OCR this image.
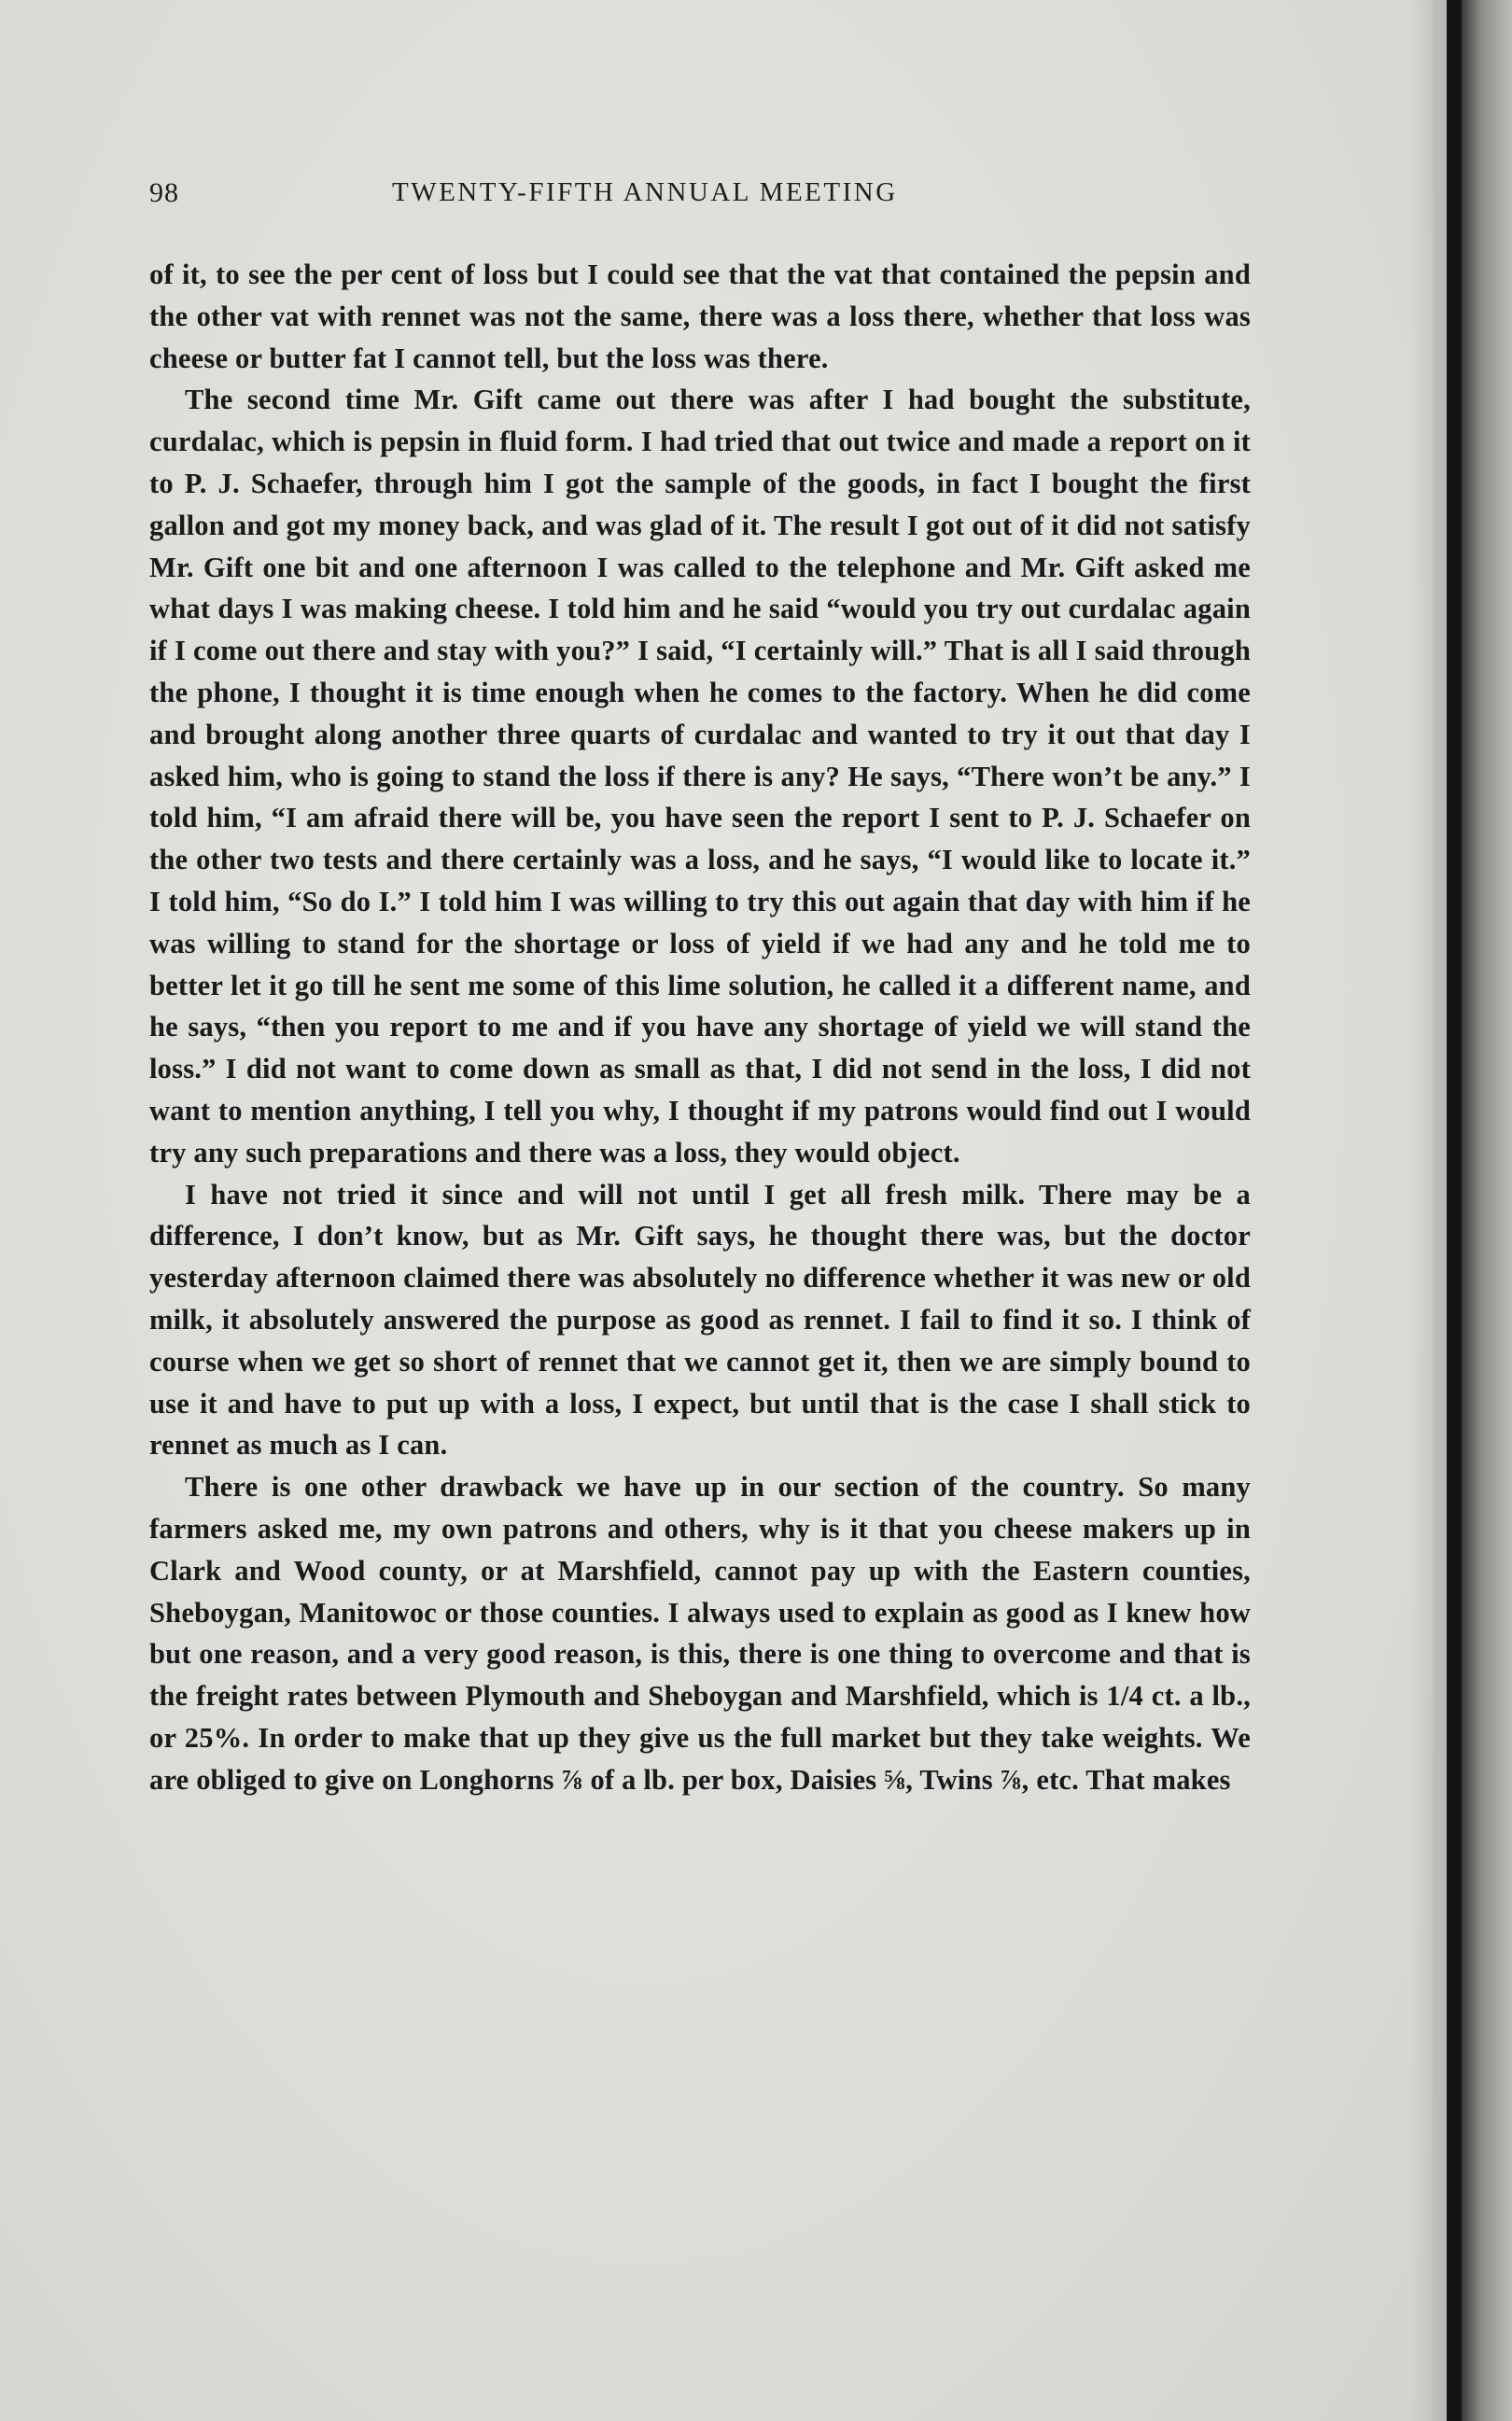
98	TWENTY-FIFTH ANNUAL MEETING

of it, to see the per cent of loss but I could see that the vat that contained the pepsin and the other vat with rennet was not the same, there was a loss there, whether that loss was cheese or butter fat I cannot tell, but the loss was there.

The second time Mr. Gift came out there was after I had bought the substitute, curdalac, which is pepsin in fluid form. I had tried that out twice and made a report on it to P. J. Schaefer, through him I got the sample of the goods, in fact I bought the first gallon and got my money back, and was glad of it. The result I got out of it did not satisfy Mr. Gift one bit and one afternoon I was called to the telephone and Mr. Gift asked me what days I was making cheese. I told him and he said “would you try out curdalac again if I come out there and stay with you?” I said, “I certainly will.” That is all I said through the phone, I thought it is time enough when he comes to the factory. When he did come and brought along another three quarts of curdalac and wanted to try it out that day I asked him, who is going to stand the loss if there is any? He says, “There won’t be any.” I told him, “I am afraid there will be, you have seen the report I sent to P. J. Schaefer on the other two tests and there certainly was a loss, and he says, “I would like to locate it.” I told him, “So do I.” I told him I was willing to try this out again that day with him if he was willing to stand for the shortage or loss of yield if we had any and he told me to better let it go till he sent me some of this lime solution, he called it a different name, and he says, “then you report to me and if you have any shortage of yield we will stand the loss.” I did not want to come down as small as that, I did not send in the loss, I did not want to mention anything, I tell you why, I thought if my patrons would find out I would try any such preparations and there was a loss, they would object.

I have not tried it since and will not until I get all fresh milk. There may be a difference, I don’t know, but as Mr. Gift says, he thought there was, but the doctor yesterday afternoon claimed there was absolutely no difference whether it was new or old milk, it absolutely answered the purpose as good as rennet. I fail to find it so. I think of course when we get so short of rennet that we cannot get it, then we are simply bound to use it and have to put up with a loss, I expect, but until that is the case I shall stick to rennet as much as I can.

There is one other drawback we have up in our section of the country. So many farmers asked me, my own patrons and others, why is it that you cheese makers up in Clark and Wood county, or at Marshfield, cannot pay up with the Eastern counties, Sheboygan, Manitowoc or those counties. I always used to explain as good as I knew how but one reason, and a very good reason, is this, there is one thing to overcome and that is the freight rates between Plymouth and Sheboygan and Marshfield, which is 1/4 ct. a lb., or 25%. In order to make that up they give us the full market but they take weights. We are obliged to give on Longhorns ⅞ of a lb. per box, Daisies ⅝, Twins ⅞, etc. That makes
